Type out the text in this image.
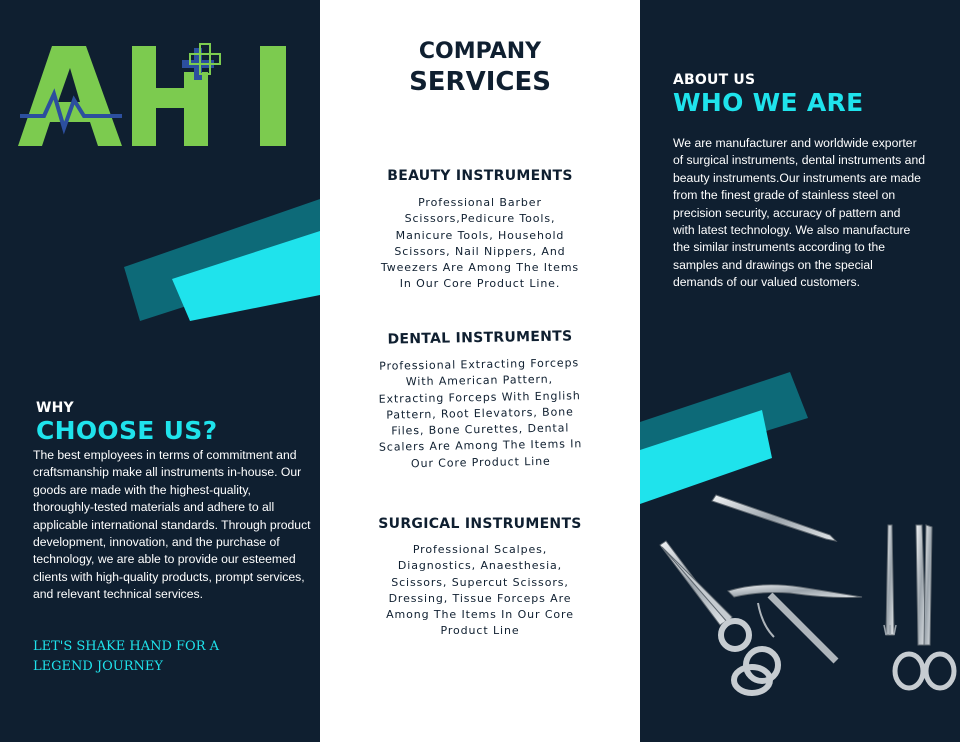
WHY
CHOOSE US?
The best employees in terms of commitment and craftsmanship make all instruments in-house. Our goods are made with the highest-quality, thoroughly-tested materials and adhere to all applicable international standards. Through product development, innovation, and the purchase of technology, we are able to provide our esteemed clients with high-quality products, prompt services, and relevant technical services.
LET'S SHAKE HAND FOR A LEGEND JOURNEY
COMPANY
SERVICES
BEAUTY INSTRUMENTS
Professional Barber Scissors,Pedicure Tools, Manicure Tools, Household Scissors, Nail Nippers, And Tweezers Are Among The Items In Our Core Product Line.
DENTAL INSTRUMENTS
Professional Extracting Forceps With American Pattern, Extracting Forceps With English Pattern, Root Elevators, Bone Files, Bone Curettes, Dental Scalers Are Among The Items In Our Core Product Line
SURGICAL INSTRUMENTS
Professional Scalpes, Diagnostics, Anaesthesia, Scissors, Supercut Scissors, Dressing, Tissue Forceps Are Among The Items In Our Core Product Line
ABOUT US
WHO WE ARE
We are manufacturer and worldwide exporter of surgical instruments, dental instruments and beauty instruments.Our instruments are made from the finest grade of stainless steel on precision security, accuracy of pattern and with latest technology. We also manufacture the similar instruments according to the samples and drawings on the special demands of our valued customers.
